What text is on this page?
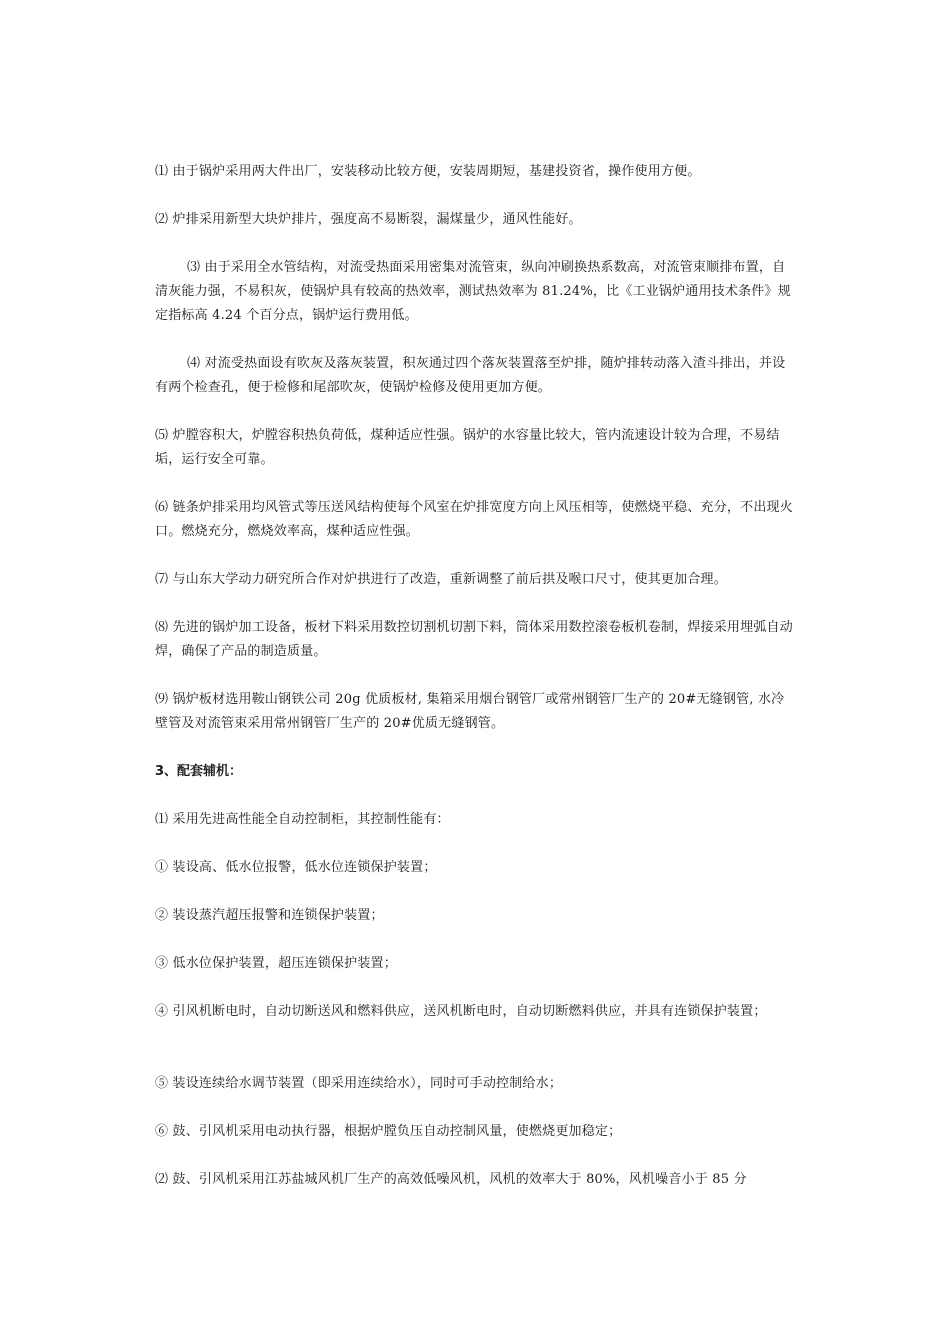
⑴ 由于锅炉采用两大件出厂，安装移动比较方便，安装周期短，基建投资省，操作使用方便。

⑵ 炉排采用新型大块炉排片，强度高不易断裂，漏煤量少，通风性能好。

⑶ 由于采用全水管结构，对流受热面采用密集对流管束，纵向冲刷换热系数高，对流管束顺排布置，自清灰能力强，不易积灰，使锅炉具有较高的热效率，测试热效率为 81.24%，比《工业锅炉通用技术条件》规定指标高 4.24 个百分点，锅炉运行费用低。

⑷ 对流受热面设有吹灰及落灰装置，积灰通过四个落灰装置落至炉排，随炉排转动落入渣斗排出，并设有两个检查孔，便于检修和尾部吹灰，使锅炉检修及使用更加方便。

⑸ 炉膛容积大，炉膛容积热负荷低，煤种适应性强。锅炉的水容量比较大，管内流速设计较为合理，不易结垢，运行安全可靠。

⑹ 链条炉排采用均风管式等压送风结构使每个风室在炉排宽度方向上风压相等，使燃烧平稳、充分，不出现火口。燃烧充分，燃烧效率高，煤种适应性强。

⑺ 与山东大学动力研究所合作对炉拱进行了改造，重新调整了前后拱及喉口尺寸，使其更加合理。

⑻ 先进的锅炉加工设备，板材下料采用数控切割机切割下料，筒体采用数控滚卷板机卷制，焊接采用埋弧自动焊，确保了产品的制造质量。

⑼ 锅炉板材选用鞍山钢铁公司 20g 优质板材, 集箱采用烟台钢管厂或常州钢管厂生产的 20#无缝钢管, 水冷壁管及对流管束采用常州钢管厂生产的 20#优质无缝钢管。

3、配套辅机：

⑴ 采用先进高性能全自动控制柜，其控制性能有：

① 装设高、低水位报警，低水位连锁保护装置；

② 装设蒸汽超压报警和连锁保护装置；

③ 低水位保护装置，超压连锁保护装置；

④ 引风机断电时，自动切断送风和燃料供应，送风机断电时，自动切断燃料供应，并具有连锁保护装置；

⑤ 装设连续给水调节装置（即采用连续给水），同时可手动控制给水；

⑥ 鼓、引风机采用电动执行器，根据炉膛负压自动控制风量，使燃烧更加稳定；

⑵ 鼓、引风机采用江苏盐城风机厂生产的高效低噪风机，风机的效率大于 80%，风机噪音小于 85 分
